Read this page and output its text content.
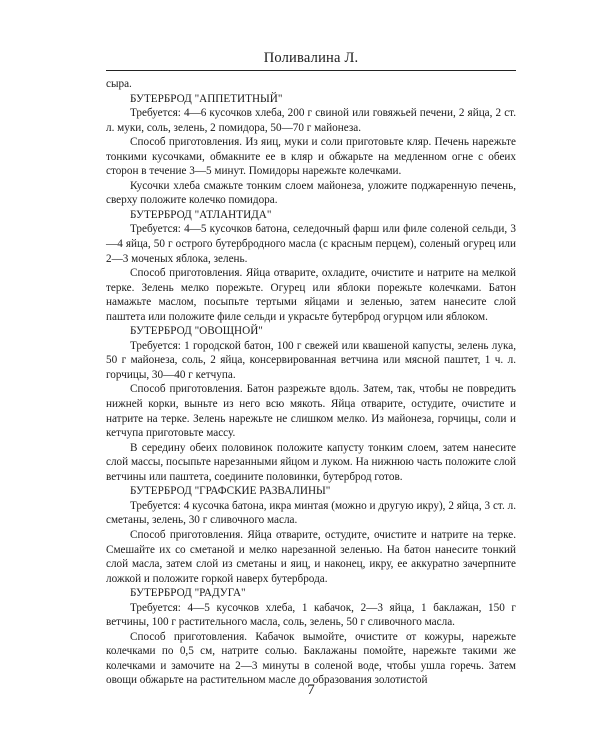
Поливалина Л.

сыра.

БУТЕРБРОД "АППЕТИТНЫЙ"

Требуется: 4—6 кусочков хлеба, 200 г свиной или говяжьей печени, 2 яйца, 2 ст. л. муки, соль, зелень, 2 помидора, 50—70 г майонеза.

Способ приготовления. Из яиц, муки и соли приготовьте кляр. Печень нарежьте тонкими кусочками, обмакните ее в кляр и обжарьте на медленном огне с обеих сторон в течение 3—5 минут. Помидоры нарежьте колечками.

Кусочки хлеба смажьте тонким слоем майонеза, уложите поджаренную печень, сверху положите колечко помидора.

БУТЕРБРОД "АТЛАНТИДА"

Требуется: 4—5 кусочков батона, селедочный фарш или филе соленой сельди, 3—4 яйца, 50 г острого бутербродного масла (с красным перцем), соленый огурец или 2—3 моченых яблока, зелень.

Способ приготовления. Яйца отварите, охладите, очистите и натрите на мелкой терке. Зелень мелко порежьте. Огурец или яблоки порежьте колечками. Батон намажьте маслом, посыпьте тертыми яйцами и зеленью, затем нанесите слой паштета или положите филе сельди и украсьте бутерброд огурцом или яблоком.

БУТЕРБРОД "ОВОЩНОЙ"

Требуется: 1 городской батон, 100 г свежей или квашеной капусты, зелень лука, 50 г майонеза, соль, 2 яйца, консервированная ветчина или мясной паштет, 1 ч. л. горчицы, 30—40 г кетчупа.

Способ приготовления. Батон разрежьте вдоль. Затем, так, чтобы не повредить нижней корки, выньте из него всю мякоть. Яйца отварите, остудите, очистите и натрите на терке. Зелень нарежьте не слишком мелко. Из майонеза, горчицы, соли и кетчупа приготовьте массу.

В середину обеих половинок положите капусту тонким слоем, затем нанесите слой массы, посыпьте нарезанными яйцом и луком. На нижнюю часть положите слой ветчины или паштета, соедините половинки, бутерброд готов.

БУТЕРБРОД "ГРАФСКИЕ РАЗВАЛИНЫ"

Требуется: 4 кусочка батона, икра минтая (можно и другую икру), 2 яйца, 3 ст. л. сметаны, зелень, 30 г сливочного масла.

Способ приготовления. Яйца отварите, остудите, очистите и натрите на терке. Смешайте их со сметаной и мелко нарезанной зеленью. На батон нанесите тонкий слой масла, затем слой из сметаны и яиц, и наконец, икру, ее аккуратно зачерпните ложкой и положите горкой наверх бутерброда.

БУТЕРБРОД "РАДУГА"

Требуется: 4—5 кусочков хлеба, 1 кабачок, 2—3 яйца, 1 баклажан, 150 г ветчины, 100 г растительного масла, соль, зелень, 50 г сливочного масла.

Способ приготовления. Кабачок вымойте, очистите от кожуры, нарежьте колечками по 0,5 см, натрите солью. Баклажаны помойте, нарежьте такими же колечками и замочите на 2—3 минуты в соленой воде, чтобы ушла горечь. Затем овощи обжарьте на растительном масле до образования золотистой

7
